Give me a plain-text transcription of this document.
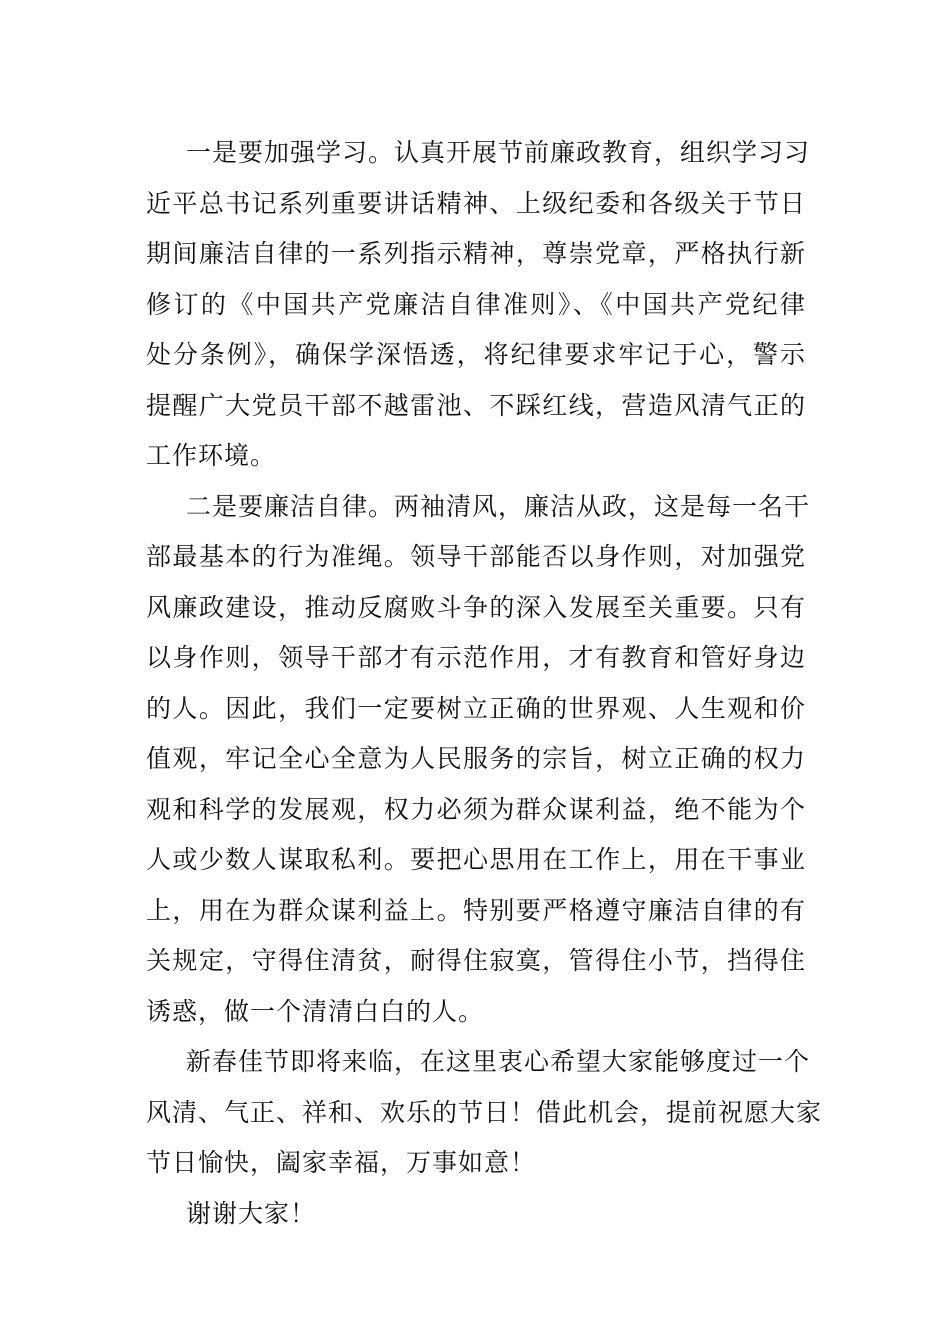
一是要加强学习。认真开展节前廉政教育，组织学习习
近平总书记系列重要讲话精神、上级纪委和各级关于节日
期间廉洁自律的一系列指示精神，尊崇党章，严格执行新
修订的《中国共产党廉洁自律准则》、《中国共产党纪律
处分条例》，确保学深悟透，将纪律要求牢记于心，警示
提醒广大党员干部不越雷池、不踩红线，营造风清气正的
工作环境。
二是要廉洁自律。两袖清风，廉洁从政，这是每一名干
部最基本的行为准绳。领导干部能否以身作则，对加强党
风廉政建设，推动反腐败斗争的深入发展至关重要。只有
以身作则，领导干部才有示范作用，才有教育和管好身边
的人。因此，我们一定要树立正确的世界观、人生观和价
值观，牢记全心全意为人民服务的宗旨，树立正确的权力
观和科学的发展观，权力必须为群众谋利益，绝不能为个
人或少数人谋取私利。要把心思用在工作上，用在干事业
上，用在为群众谋利益上。特别要严格遵守廉洁自律的有
关规定，守得住清贫，耐得住寂寞，管得住小节，挡得住
诱惑，做一个清清白白的人。
新春佳节即将来临，在这里衷心希望大家能够度过一个
风清、气正、祥和、欢乐的节日！借此机会，提前祝愿大家
节日愉快，阖家幸福，万事如意！
谢谢大家！
